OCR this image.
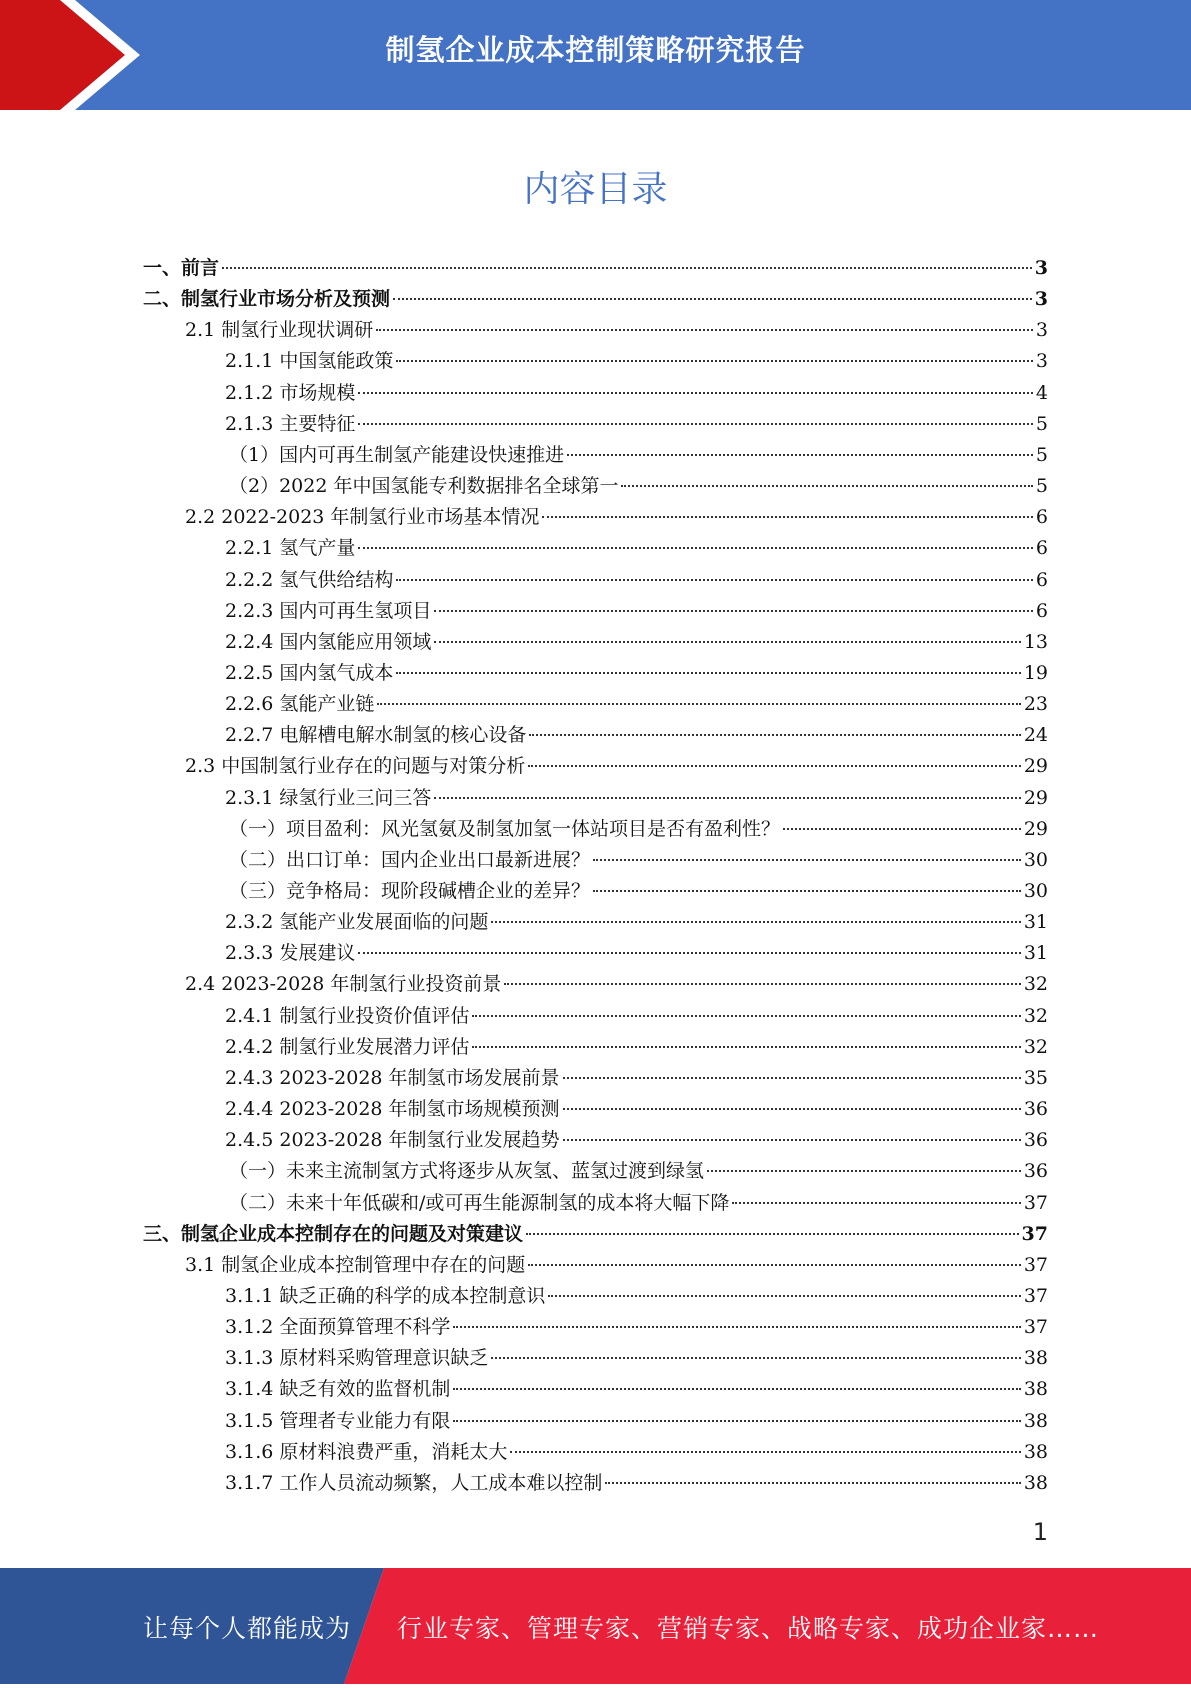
制氢企业成本控制策略研究报告
内容目录
一、前言	3
二、制氢行业市场分析及预测	3
2.1 制氢行业现状调研	3
2.1.1 中国氢能政策	3
2.1.2 市场规模	4
2.1.3 主要特征	5
（1）国内可再生制氢产能建设快速推进	5
（2）2022 年中国氢能专利数据排名全球第一	5
2.2 2022-2023 年制氢行业市场基本情况	6
2.2.1 氢气产量	6
2.2.2 氢气供给结构	6
2.2.3 国内可再生氢项目	6
2.2.4 国内氢能应用领域	13
2.2.5 国内氢气成本	19
2.2.6 氢能产业链	23
2.2.7 电解槽电解水制氢的核心设备	24
2.3 中国制氢行业存在的问题与对策分析	29
2.3.1 绿氢行业三问三答	29
（一）项目盈利：风光氢氨及制氢加氢一体站项目是否有盈利性？	29
（二）出口订单：国内企业出口最新进展？	30
（三）竞争格局：现阶段碱槽企业的差异？	30
2.3.2 氢能产业发展面临的问题	31
2.3.3 发展建议	31
2.4 2023-2028 年制氢行业投资前景	32
2.4.1 制氢行业投资价值评估	32
2.4.2 制氢行业发展潜力评估	32
2.4.3 2023-2028 年制氢市场发展前景	35
2.4.4 2023-2028 年制氢市场规模预测	36
2.4.5 2023-2028 年制氢行业发展趋势	36
（一）未来主流制氢方式将逐步从灰氢、蓝氢过渡到绿氢	36
（二）未来十年低碳和/或可再生能源制氢的成本将大幅下降	37
三、制氢企业成本控制存在的问题及对策建议	37
3.1 制氢企业成本控制管理中存在的问题	37
3.1.1 缺乏正确的科学的成本控制意识	37
3.1.2 全面预算管理不科学	37
3.1.3 原材料采购管理意识缺乏	38
3.1.4 缺乏有效的监督机制	38
3.1.5 管理者专业能力有限	38
3.1.6 原材料浪费严重，消耗太大	38
3.1.7 工作人员流动频繁，人工成本难以控制	38
1
让每个人都能成为 行业专家、管理专家、营销专家、战略专家、成功企业家……
